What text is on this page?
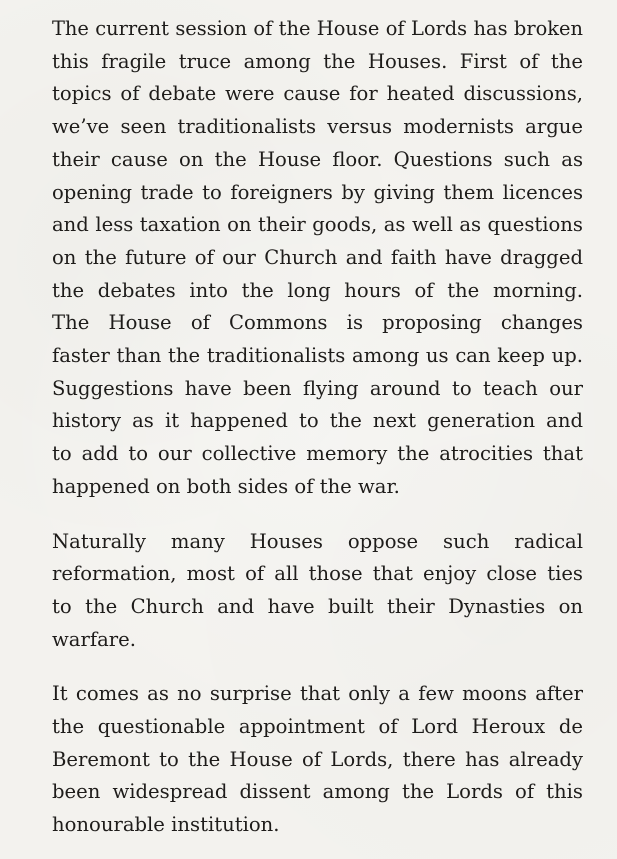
The current session of the House of Lords has broken
this fragile truce among the Houses. First of the
topics of debate were cause for heated discussions,
we’ve seen traditionalists versus modernists argue
their cause on the House floor. Questions such as
opening trade to foreigners by giving them licences
and less taxation on their goods, as well as questions
on the future of our Church and faith have dragged
the debates into the long hours of the morning.
The House of Commons is proposing changes
faster than the traditionalists among us can keep up.
Suggestions have been flying around to teach our
history as it happened to the next generation and
to add to our collective memory the atrocities that
happened on both sides of the war.

Naturally many Houses oppose such radical
reformation, most of all those that enjoy close ties
to the Church and have built their Dynasties on
warfare.

It comes as no surprise that only a few moons after
the questionable appointment of Lord Heroux de
Beremont to the House of Lords, there has already
been widespread dissent among the Lords of this
honourable institution.
